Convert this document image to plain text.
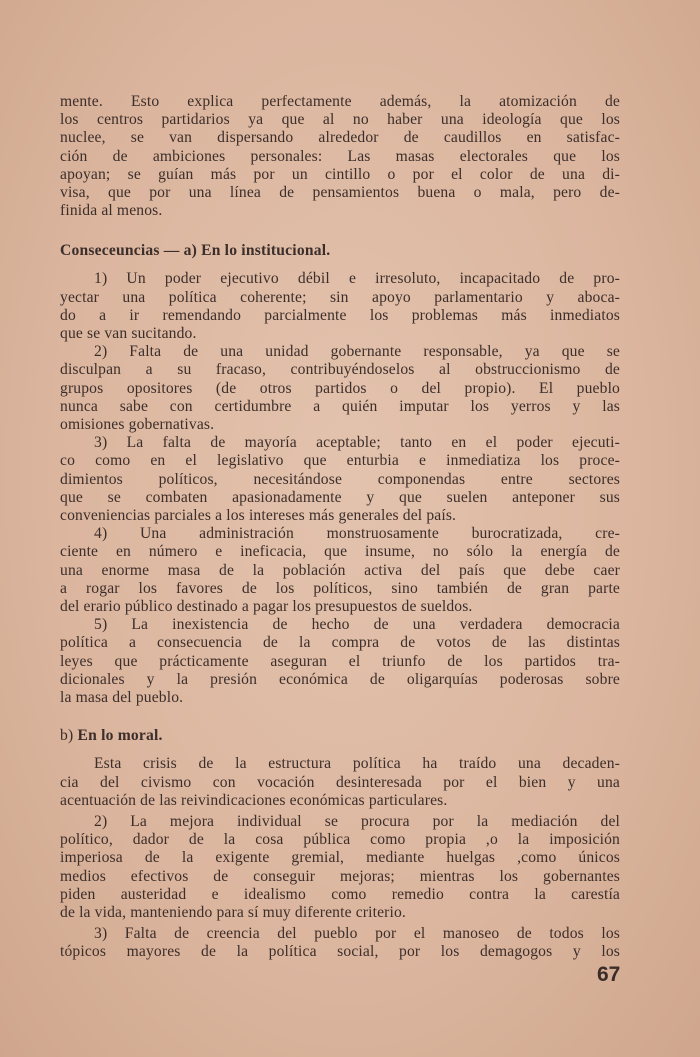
mente. Esto explica perfectamente además, la atomización de
los centros partidarios ya que al no haber una ideología que los
nuclee, se van dispersando alrededor de caudillos en satisfac-
ción de ambiciones personales: Las masas electorales que los
apoyan; se guían más por un cintillo o por el color de una di-
visa, que por una línea de pensamientos buena o mala, pero de-
finida al menos.

Conseceuncias — a) En lo institucional.

1) Un poder ejecutivo débil e irresoluto, incapacitado de pro-
yectar una política coherente; sin apoyo parlamentario y aboca-
do a ir remendando parcialmente los problemas más inmediatos
que se van sucitando.

2) Falta de una unidad gobernante responsable, ya que se
disculpan a su fracaso, contribuyéndoselos al obstruccionismo de
grupos opositores (de otros partidos o del propio). El pueblo
nunca sabe con certidumbre a quién imputar los yerros y las
omisiones gobernativas.

3) La falta de mayoría aceptable; tanto en el poder ejecuti-
co como en el legislativo que enturbia e inmediatiza los proce-
dimientos políticos, necesitándose componendas entre sectores
que se combaten apasionadamente y que suelen anteponer sus
conveniencias parciales a los intereses más generales del país.

4) Una administración monstruosamente burocratizada, cre-
ciente en número e ineficacia, que insume, no sólo la energía de
una enorme masa de la población activa del país que debe caer
a rogar los favores de los políticos, sino también de gran parte
del erario público destinado a pagar los presupuestos de sueldos.

5) La inexistencia de hecho de una verdadera democracia
política a consecuencia de la compra de votos de las distintas
leyes que prácticamente aseguran el triunfo de los partidos tra-
dicionales y la presión económica de oligarquías poderosas sobre
la masa del pueblo.

b) En lo moral.

Esta crisis de la estructura política ha traído una decaden-
cia del civismo con vocación desinteresada por el bien y una
acentuación de las reivindicaciones económicas particulares.

2) La mejora individual se procura por la mediación del
político, dador de la cosa pública como propia ,o la imposición
imperiosa de la exigente gremial, mediante huelgas ,como únicos
medios efectivos de conseguir mejoras; mientras los gobernantes
piden austeridad e idealismo como remedio contra la carestía
de la vida, manteniendo para sí muy diferente criterio.

3) Falta de creencia del pueblo por el manoseo de todos los
tópicos mayores de la política social, por los demagogos y los

67
